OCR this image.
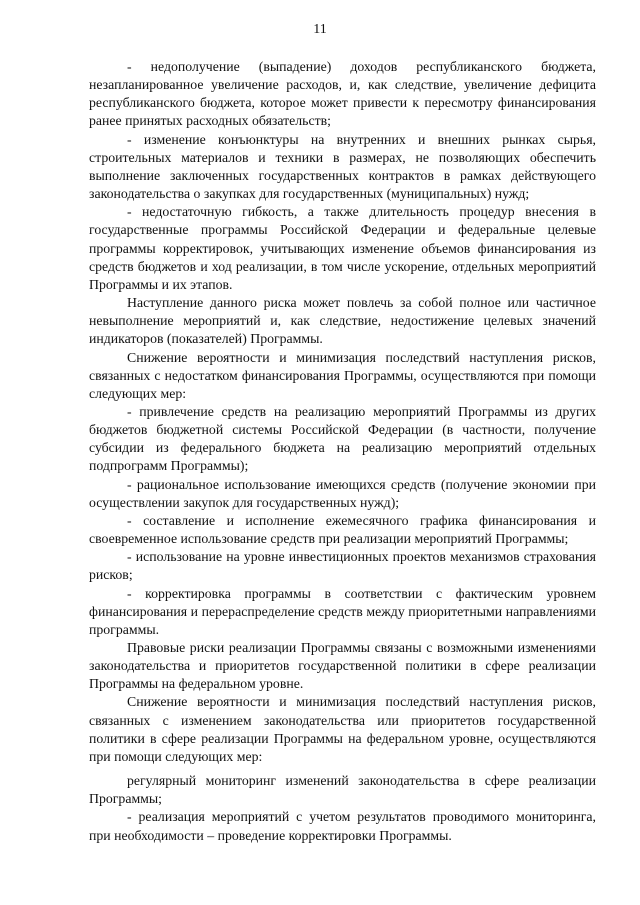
11

- недополучение (выпадение) доходов республиканского бюджета, незапланированное увеличение расходов, и, как следствие, увеличение дефицита республиканского бюджета, которое может привести к пересмотру финансирования ранее принятых расходных обязательств;

- изменение конъюнктуры на внутренних и внешних рынках сырья, строительных материалов и техники в размерах, не позволяющих обеспечить выполнение заключенных государственных контрактов в рамках действующего законодательства о закупках для государственных (муниципальных) нужд;

- недостаточную гибкость, а также длительность процедур внесения в государственные программы Российской Федерации и федеральные целевые программы корректировок, учитывающих изменение объемов финансирования из средств бюджетов и ход реализации, в том числе ускорение, отдельных мероприятий Программы и их этапов.

Наступление данного риска может повлечь за собой полное или частичное невыполнение мероприятий и, как следствие, недостижение целевых значений индикаторов (показателей) Программы.

Снижение вероятности и минимизация последствий наступления рисков, связанных с недостатком финансирования Программы, осуществляются при помощи следующих мер:

- привлечение средств на реализацию мероприятий Программы из других бюджетов бюджетной системы Российской Федерации (в частности, получение субсидии из федерального бюджета на реализацию мероприятий отдельных подпрограмм Программы);

- рациональное использование имеющихся средств (получение экономии при осуществлении закупок для государственных нужд);

- составление и исполнение ежемесячного графика финансирования и своевременное использование средств при реализации мероприятий Программы;

- использование на уровне инвестиционных проектов механизмов страхования рисков;

- корректировка программы в соответствии с фактическим уровнем финансирования и перераспределение средств между приоритетными направлениями программы.

Правовые риски реализации Программы связаны с возможными изменениями законодательства и приоритетов государственной политики в сфере реализации Программы на федеральном уровне.

Снижение вероятности и минимизация последствий наступления рисков, связанных с изменением законодательства или приоритетов государственной политики в сфере реализации Программы на федеральном уровне, осуществляются при помощи следующих мер:

регулярный мониторинг изменений законодательства в сфере реализации Программы;

- реализация мероприятий с учетом результатов проводимого мониторинга, при необходимости – проведение корректировки Программы.
